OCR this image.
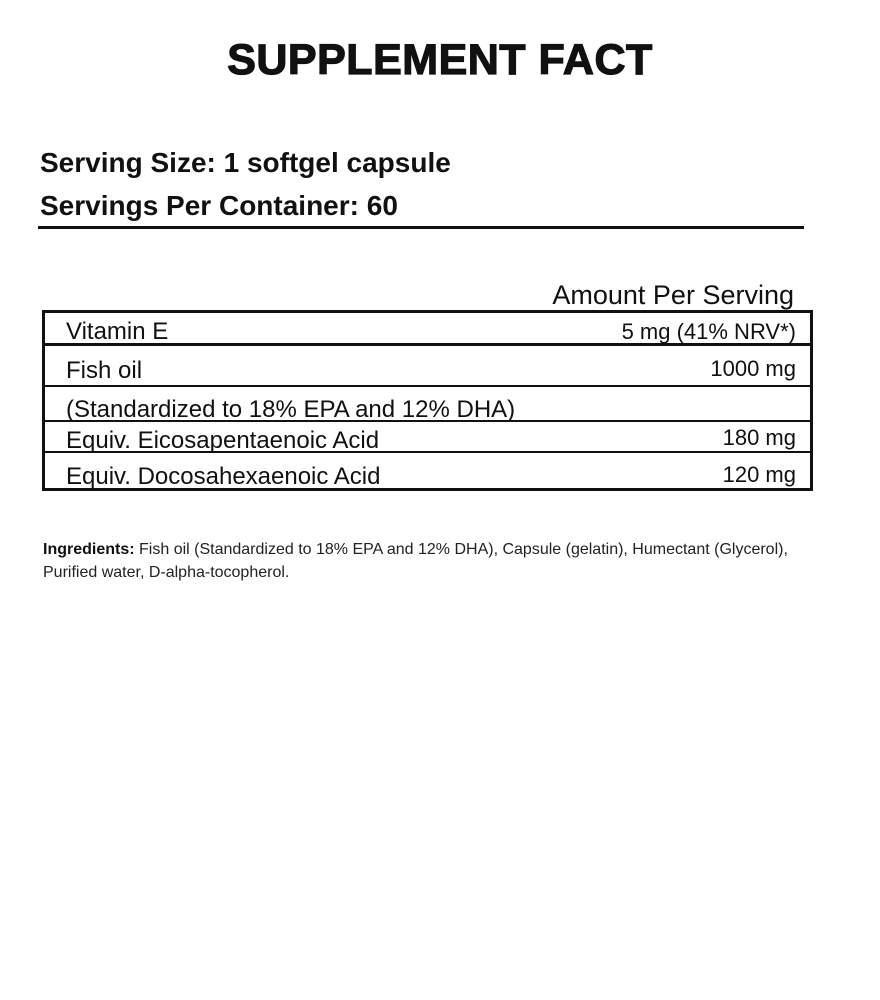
SUPPLEMENT FACT
Serving Size: 1 softgel capsule
Servings Per Container: 60
Amount Per Serving
Vitamin E	5 mg (41% NRV*)
Fish oil	1000 mg
(Standardized to 18% EPA and 12% DHA)
Equiv. Eicosapentaenoic Acid	180 mg
Equiv. Docosahexaenoic Acid	120 mg
Ingredients: Fish oil (Standardized to 18% EPA and 12% DHA), Capsule (gelatin), Humectant (Glycerol), Purified water, D-alpha-tocopherol.
